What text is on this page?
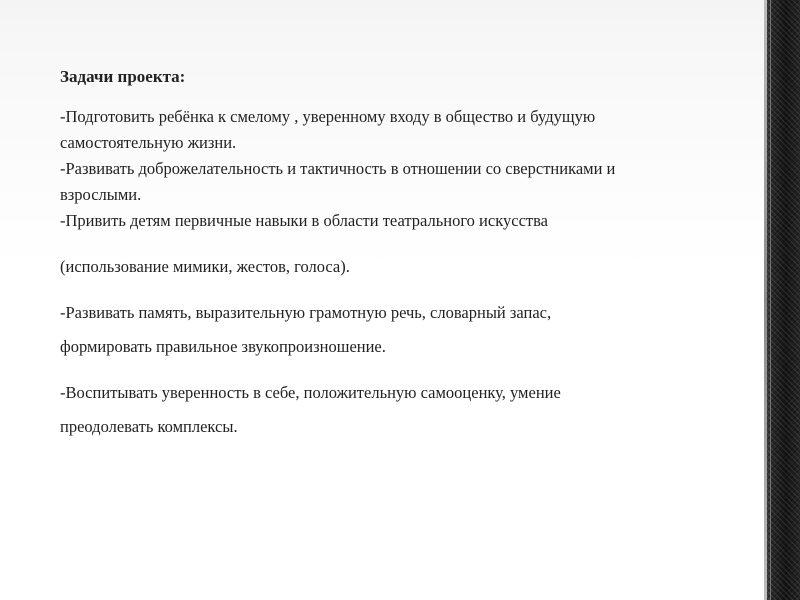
Задачи проекта:
-Подготовить ребёнка к смелому , уверенному входу в общество и будущую
самостоятельную жизни.
-Развивать доброжелательность и тактичность в отношении со сверстниками и
взрослыми.
-Привить детям первичные навыки в области театрального искусства
(использование мимики, жестов, голоса).
-Развивать память, выразительную грамотную речь, словарный запас,
формировать правильное звукопроизношение.
-Воспитывать уверенность в себе, положительную самооценку, умение
преодолевать комплексы.
